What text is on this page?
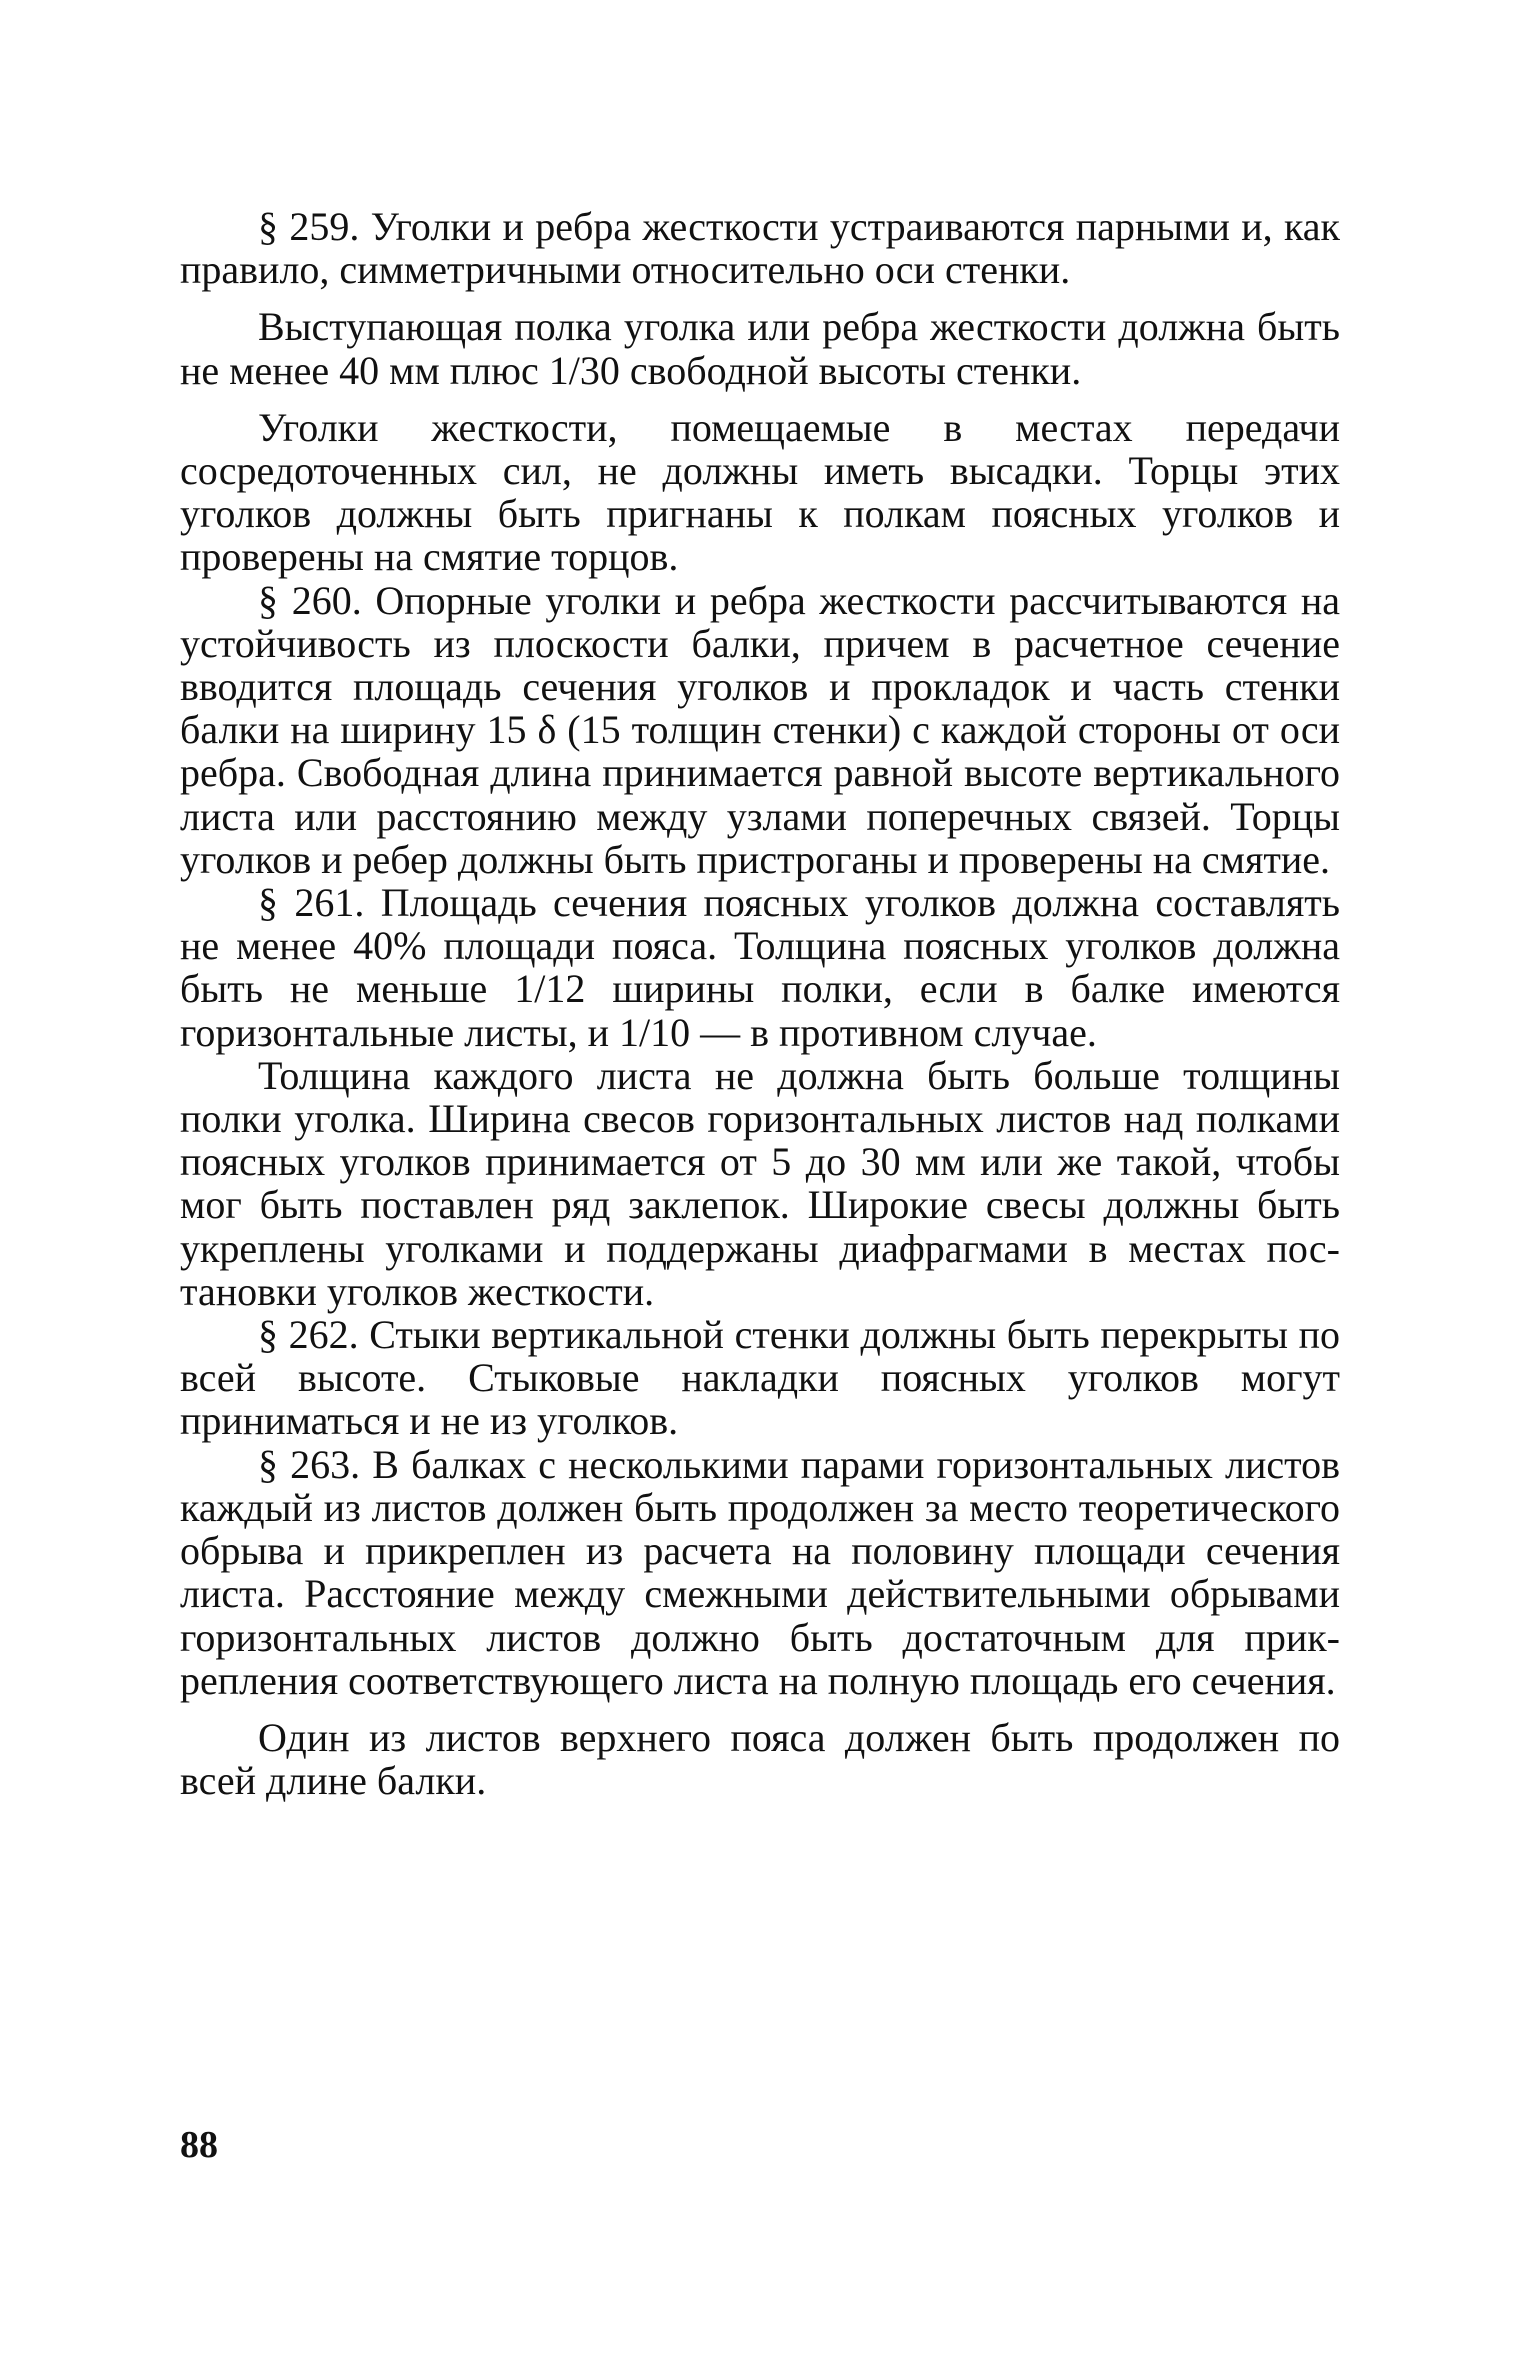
§ 259. Уголки и ребра жесткости устраиваются парными и, как правило, симметричными относительно оси стенки.

Выступающая полка уголка или ребра жесткости должна быть не менее 40 мм плюс 1/30 свободной высоты стенки.

Уголки жесткости, помещаемые в местах передачи сосредоточенных сил, не должны иметь высадки. Торцы этих уголков должны быть пригнаны к полкам поясных уголков и проверены на смятие торцов.

§ 260. Опорные уголки и ребра жесткости рассчитываются на устойчивость из плоскости балки, причем в расчетное сечение вводится площадь сечения уголков и прокладок и часть стенки балки на ширину 15 δ (15 толщин стенки) с каждой стороны от оси ребра. Свободная длина принимается равной высоте вертикального листа или расстоянию между узлами поперечных связей. Торцы уголков и ребер должны быть пристроганы и проверены на смятие.

§ 261. Площадь сечения поясных уголков должна составлять не менее 40% площади пояса. Толщина поясных уголков должна быть не меньше 1/12 ширины полки, если в балке имеются горизонтальные листы, и 1/10 — в противном случае.

Толщина каждого листа не должна быть больше толщины полки уголка. Ширина свесов горизонтальных листов над полками поясных уголков принимается от 5 до 30 мм или же такой, чтобы мог быть поставлен ряд заклепок. Широкие свесы должны быть укреплены уголками и поддержаны диафрагмами в местах постановки уголков жесткости.

§ 262. Стыки вертикальной стенки должны быть перекрыты по всей высоте. Стыковые накладки поясных уголков могут приниматься и не из уголков.

§ 263. В балках с несколькими парами горизонтальных листов каждый из листов должен быть продолжен за место теоретического обрыва и прикреплен из расчета на половину площади сечения листа. Расстояние между смежными действительными обрывами горизонтальных листов должно быть достаточным для прикрепления соответствующего листа на полную площадь его сечения.

Один из листов верхнего пояса должен быть продолжен по всей длине балки.

88
